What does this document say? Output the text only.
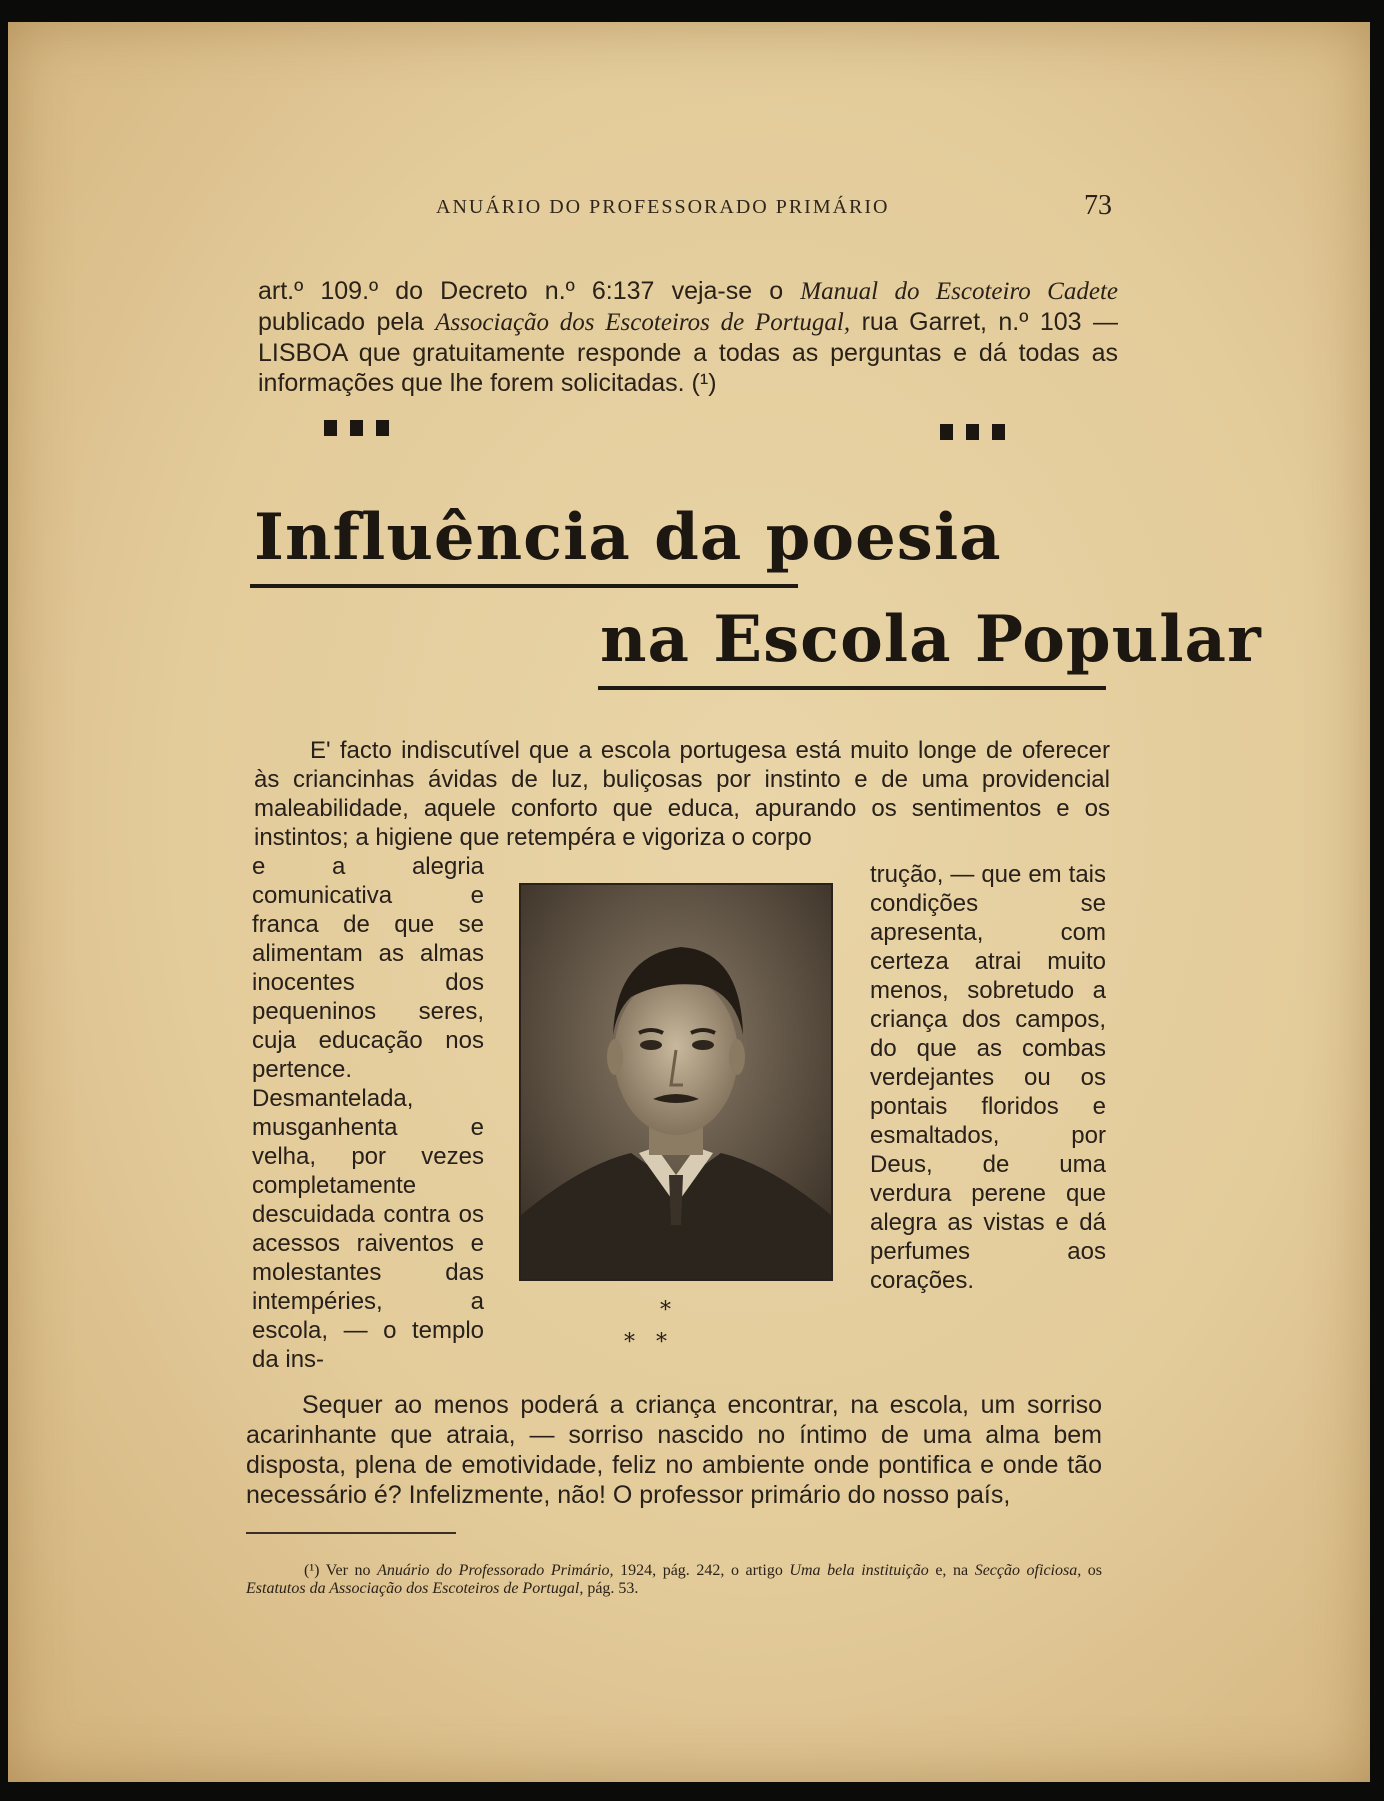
ANUÁRIO DO PROFESSORADO PRIMÁRIO	73
art.º 109.º do Decreto n.º 6:137 veja-se o Manual do Escoteiro Cadete publicado pela Associação dos Escoteiros de Portugal, rua Garret, n.º 103 — LISBOA que gratuitamente responde a todas as perguntas e dá todas as informações que lhe forem solicitadas. (¹)
Influência da poesia
na Escola Popular
E' facto indiscutível que a escola portugesa está muito longe de oferecer às criancinhas ávidas de luz, buliçosas por instinto e de uma providencial maleabilidade, aquele conforto que educa, apurando os sentimentos e os instintos; a higiene que retempéra e vigoriza o corpo
e a alegria comunicativa e franca de que se alimentam as almas inocentes dos pequeninos seres, cuja educação nos pertence. Desmantelada, musganhenta e velha, por vezes completamente descuidada contra os acessos raiventos e molestantes das intempéries, a escola, — o templo da ins-
trução, — que em tais condições se apresenta, com certeza atrai muito menos, sobretudo a criança dos campos, do que as combas verdejantes ou os pontais floridos e esmaltados, por Deus, de uma verdura perene que alegra as vistas e dá perfumes aos corações.
*
*   *
Sequer ao menos poderá a criança encontrar, na escola, um sorriso acarinhante que atraia, — sorriso nascido no íntimo de uma alma bem disposta, plena de emotividade, feliz no ambiente onde pontifica e onde tão necessário é? Infelizmente, não! O professor primário do nosso país,
(¹) Ver no Anuário do Professorado Primário, 1924, pág. 242, o artigo Uma bela instituição e, na Secção oficiosa, os Estatutos da Associação dos Escoteiros de Portugal, pág. 53.
